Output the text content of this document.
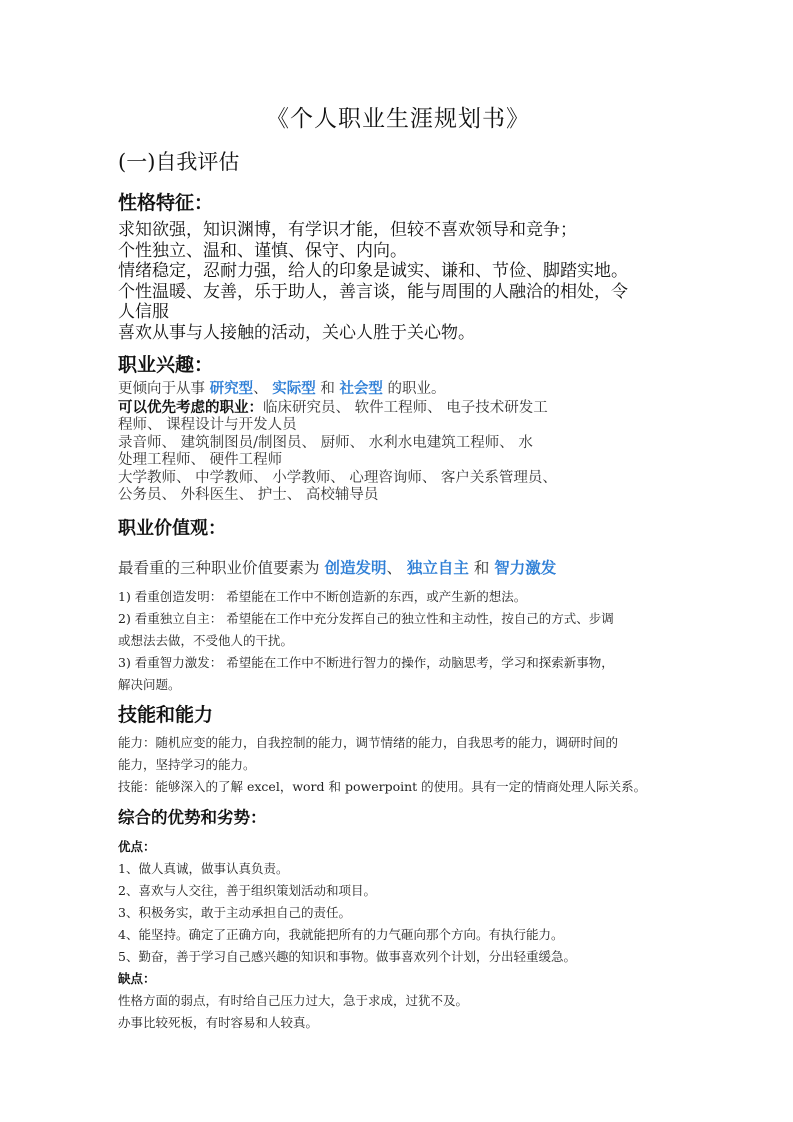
《个人职业生涯规划书》
(一)自我评估
性格特征：
求知欲强，知识渊博，有学识才能，但较不喜欢领导和竞争；
个性独立、温和、谨慎、保守、内向。
情绪稳定，忍耐力强，给人的印象是诚实、谦和、节俭、脚踏实地。
个性温暖、友善，乐于助人，善言谈，能与周围的人融洽的相处，令
人信服
喜欢从事与人接触的活动，关心人胜于关心物。
职业兴趣：
更倾向于从事 研究型、 实际型 和 社会型 的职业。
可以优先考虑的职业：临床研究员、 软件工程师、 电子技术研发工
程师、 课程设计与开发人员
录音师、 建筑制图员/制图员、 厨师、 水利水电建筑工程师、 水
处理工程师、 硬件工程师
大学教师、 中学教师、 小学教师、 心理咨询师、 客户关系管理员、
公务员、 外科医生、 护士、 高校辅导员
职业价值观：
最看重的三种职业价值要素为 创造发明、 独立自主 和 智力激发
1) 看重创造发明： 希望能在工作中不断创造新的东西，或产生新的想法。
2) 看重独立自主： 希望能在工作中充分发挥自己的独立性和主动性，按自己的方式、步调
或想法去做，不受他人的干扰。
3) 看重智力激发： 希望能在工作中不断进行智力的操作，动脑思考，学习和探索新事物，
解决问题。
技能和能力
能力：随机应变的能力，自我控制的能力，调节情绪的能力，自我思考的能力，调研时间的
能力，坚持学习的能力。
技能：能够深入的了解 excel，word 和 powerpoint 的使用。具有一定的情商处理人际关系。
综合的优势和劣势：
优点：
1、做人真诚，做事认真负责。
2、喜欢与人交往，善于组织策划活动和项目。
3、积极务实，敢于主动承担自己的责任。
4、能坚持。确定了正确方向，我就能把所有的力气砸向那个方向。有执行能力。
5、勤奋，善于学习自己感兴趣的知识和事物。做事喜欢列个计划，分出轻重缓急。
缺点：
性格方面的弱点，有时给自己压力过大，急于求成，过犹不及。
办事比较死板，有时容易和人较真。
